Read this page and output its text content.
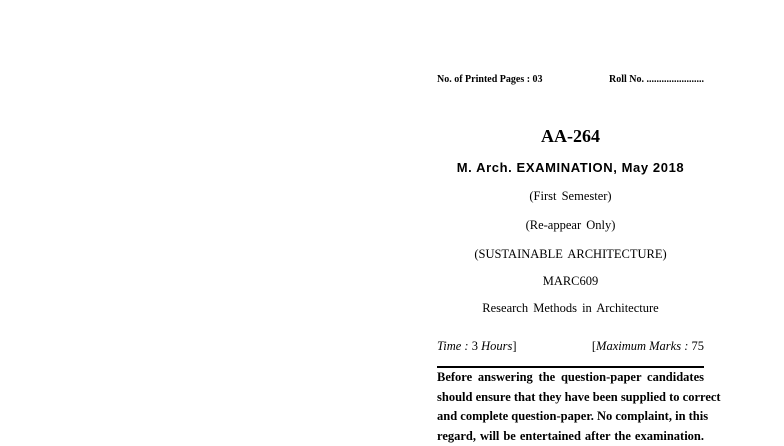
No. of Printed Pages : 03	Roll No. .......................
AA-264
M. Arch. EXAMINATION, May 2018
(First Semester)
(Re-appear Only)
(SUSTAINABLE ARCHITECTURE)
MARC609
Research Methods in Architecture
Time : 3 Hours]	[Maximum Marks : 75
Before answering the question-paper candidates
should ensure that they have been supplied to correct
and complete question-paper. No complaint, in this
regard, will be entertained after the examination.
